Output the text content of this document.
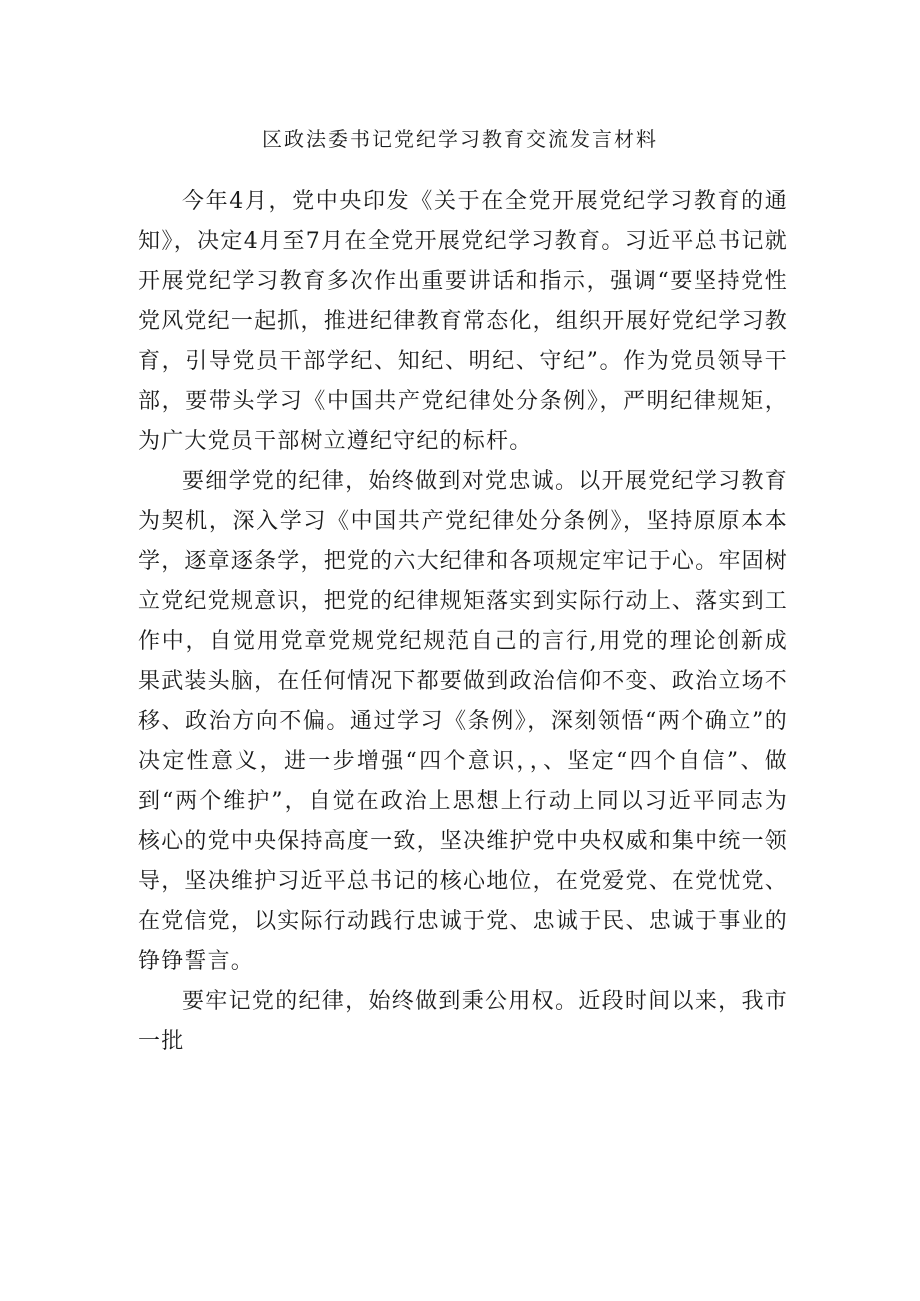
区政法委书记党纪学习教育交流发言材料

今年4月，党中央印发《关于在全党开展党纪学习教育的通知》，决定4月至7月在全党开展党纪学习教育。习近平总书记就开展党纪学习教育多次作出重要讲话和指示，强调“要坚持党性党风党纪一起抓，推进纪律教育常态化，组织开展好党纪学习教育，引导党员干部学纪、知纪、明纪、守纪”。作为党员领导干部，要带头学习《中国共产党纪律处分条例》，严明纪律规矩，为广大党员干部树立遵纪守纪的标杆。

要细学党的纪律，始终做到对党忠诚。以开展党纪学习教育为契机，深入学习《中国共产党纪律处分条例》，坚持原原本本学，逐章逐条学，把党的六大纪律和各项规定牢记于心。牢固树立党纪党规意识，把党的纪律规矩落实到实际行动上、落实到工作中，自觉用党章党规党纪规范自己的言行,用党的理论创新成果武装头脑，在任何情况下都要做到政治信仰不变、政治立场不移、政治方向不偏。通过学习《条例》，深刻领悟“两个确立”的决定性意义，进一步增强“四个意识，，、坚定“四个自信”、做到“两个维护”，自觉在政治上思想上行动上同以习近平同志为核心的党中央保持高度一致，坚决维护党中央权威和集中统一领导，坚决维护习近平总书记的核心地位，在党爱党、在党忧党、在党信党，以实际行动践行忠诚于党、忠诚于民、忠诚于事业的铮铮誓言。

要牢记党的纪律，始终做到秉公用权。近段时间以来，我市一批
